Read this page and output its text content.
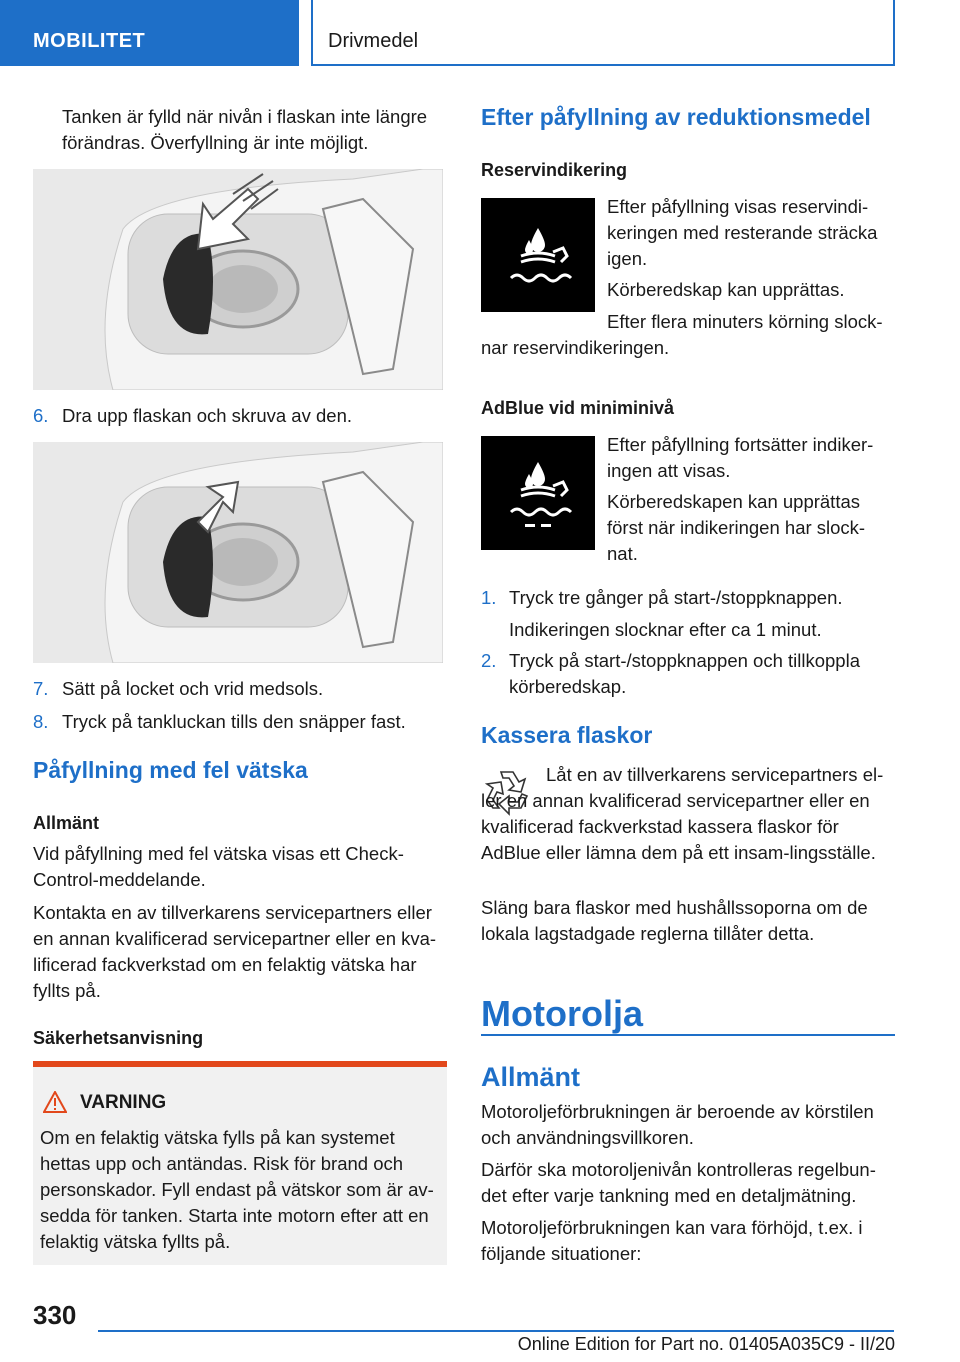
MOBILITET	Drivmedel
Tanken är fylld när nivån i flaskan inte längre förändras. Överfyllning är inte möjligt.
6. Dra upp flaskan och skruva av den.
7. Sätt på locket och vrid medsols.
8. Tryck på tankluckan tills den snäpper fast.
Påfyllning med fel vätska
Allmänt
Vid påfyllning med fel vätska visas ett Check-Control-meddelande.
Kontakta en av tillverkarens servicepartners eller en annan kvalificerad servicepartner eller en kva-lificerad fackverkstad om en felaktig vätska har fyllts på.
Säkerhetsanvisning
VARNING
Om en felaktig vätska fylls på kan systemet hettas upp och antändas. Risk för brand och personskador. Fyll endast på vätskor som är av-sedda för tanken. Starta inte motorn efter att en felaktig vätska fyllts på.
Efter påfyllning av reduktionsmedel
Reservindikering
Efter påfyllning visas reservindi-keringen med resterande sträcka igen.
Körberedskap kan upprättas.
Efter flera minuters körning slock-nar reservindikeringen.
AdBlue vid miniminivå
Efter påfyllning fortsätter indiker-ingen att visas.
Körberedskapen kan upprättas först när indikeringen har slock-nat.
1. Tryck tre gånger på start-/stoppknappen.
Indikeringen slocknar efter ca 1 minut.
2. Tryck på start-/stoppknappen och tillkoppla körberedskap.
Kassera flaskor
Låt en av tillverkarens servicepartners el-ler en annan kvalificerad servicepartner eller en kvalificerad fackverkstad kassera flaskor för AdBlue eller lämna dem på ett insam-lingsställe.
Släng bara flaskor med hushållssoporna om de lokala lagstadgade reglerna tillåter detta.
Motorolja
Allmänt
Motoroljeförbrukningen är beroende av körstilen och användningsvillkoren.
Därför ska motoroljenivån kontrolleras regelbun-det efter varje tankning med en detaljmätning.
Motoroljeförbrukningen kan vara förhöjd, t.ex. i följande situationer:
330
Online Edition for Part no. 01405A035C9 - II/20
